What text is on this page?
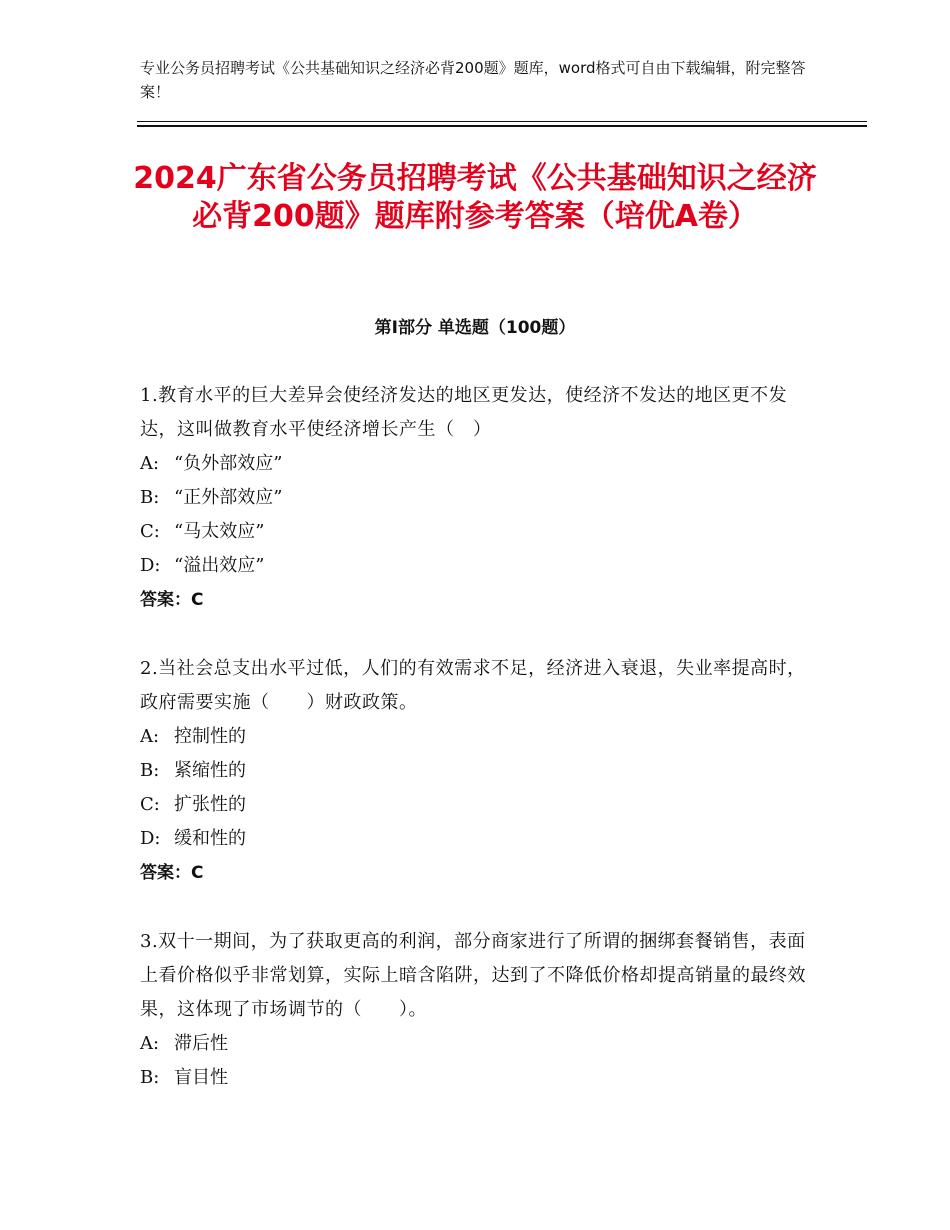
专业公务员招聘考试《公共基础知识之经济必背200题》题库，word格式可自由下载编辑，附完整答案！
2024广东省公务员招聘考试《公共基础知识之经济必背200题》题库附参考答案（培优A卷）
第Ⅰ部分 单选题（100题）
1.教育水平的巨大差异会使经济发达的地区更发达，使经济不发达的地区更不发达，这叫做教育水平使经济增长产生（　）
A: “负外部效应”
B: “正外部效应”
C: “马太效应”
D: “溢出效应”
答案：C
2.当社会总支出水平过低，人们的有效需求不足，经济进入衰退，失业率提高时，政府需要实施（　　）财政政策。
A: 控制性的
B: 紧缩性的
C: 扩张性的
D: 缓和性的
答案：C
3.双十一期间，为了获取更高的利润，部分商家进行了所谓的捆绑套餐销售，表面上看价格似乎非常划算，实际上暗含陷阱，达到了不降低价格却提高销量的最终效果，这体现了市场调节的（　　）。
A: 滞后性
B: 盲目性
